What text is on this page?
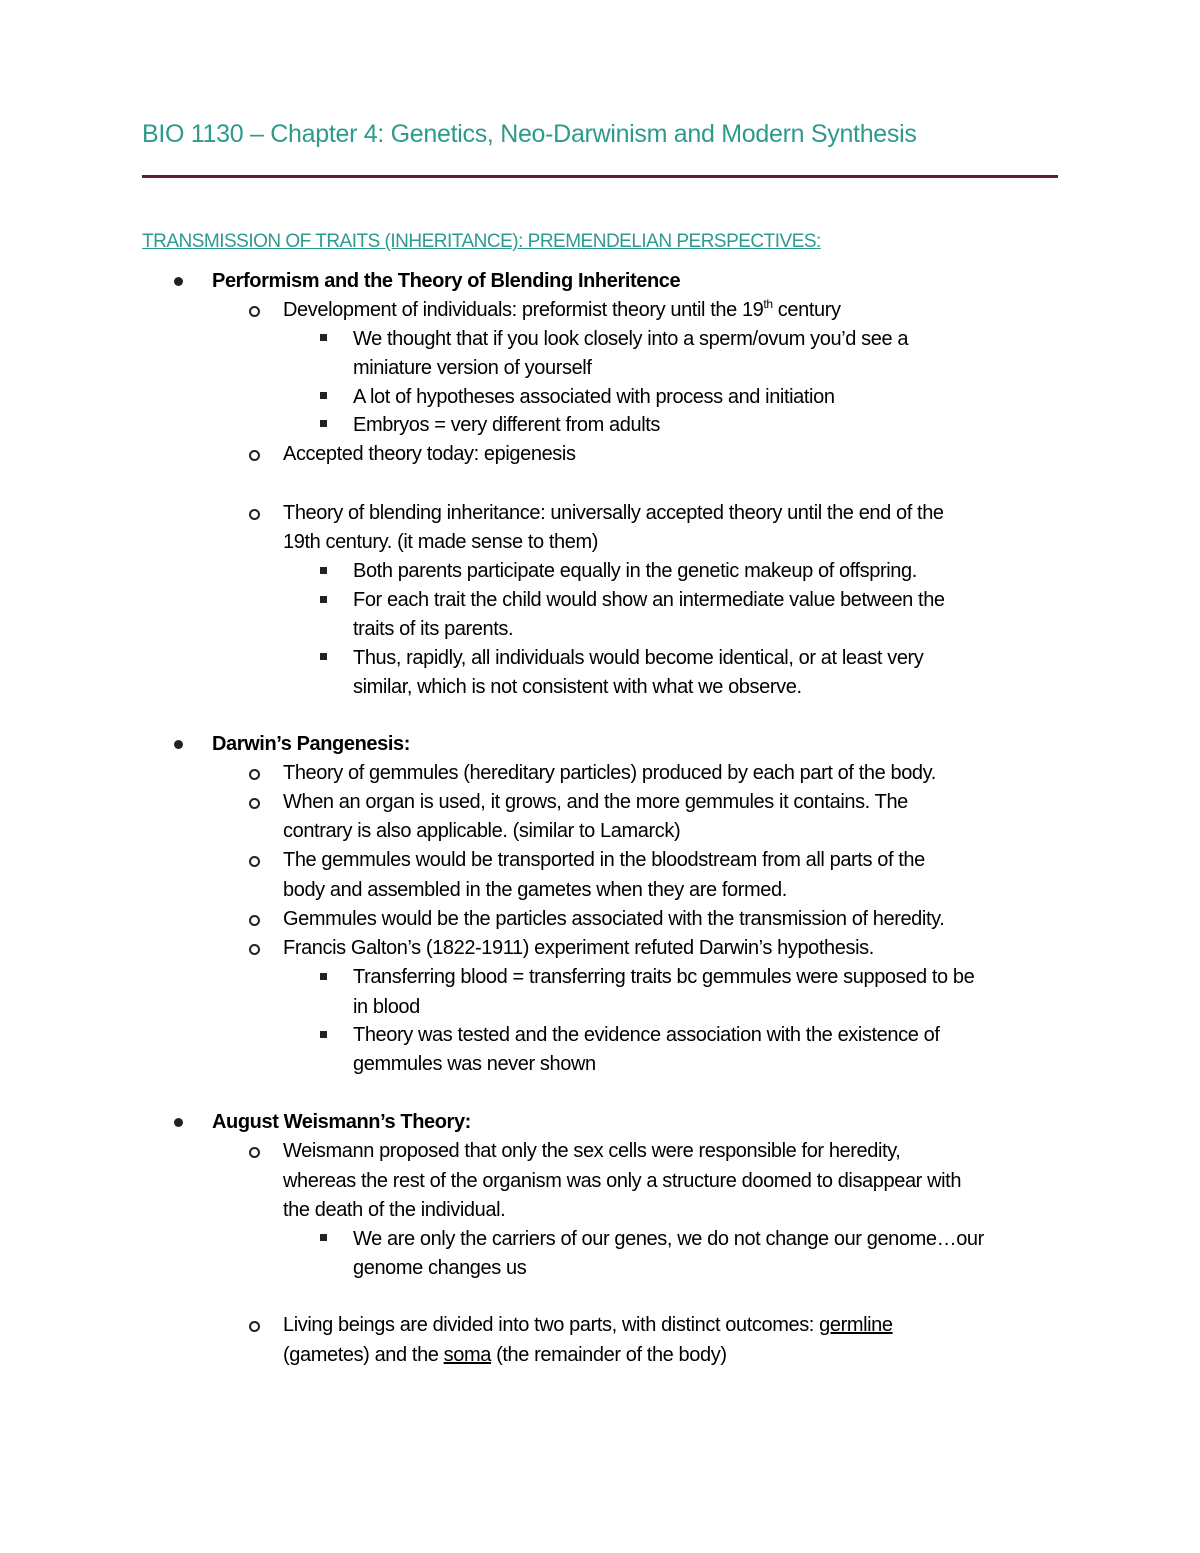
BIO 1130 – Chapter 4: Genetics, Neo-Darwinism and Modern Synthesis
TRANSMISSION OF TRAITS (INHERITANCE): PREMENDELIAN PERSPECTIVES:
Performism and the Theory of Blending Inheritence
Development of individuals: preformist theory until the 19th century
We thought that if you look closely into a sperm/ovum you’d see a
miniature version of yourself
A lot of hypotheses associated with process and initiation
Embryos = very different from adults
Accepted theory today: epigenesis
Theory of blending inheritance: universally accepted theory until the end of the
19th century. (it made sense to them)
Both parents participate equally in the genetic makeup of offspring.
For each trait the child would show an intermediate value between the
traits of its parents.
Thus, rapidly, all individuals would become identical, or at least very
similar, which is not consistent with what we observe.
Darwin’s Pangenesis:
Theory of gemmules (hereditary particles) produced by each part of the body.
When an organ is used, it grows, and the more gemmules it contains. The
contrary is also applicable. (similar to Lamarck)
The gemmules would be transported in the bloodstream from all parts of the
body and assembled in the gametes when they are formed.
Gemmules would be the particles associated with the transmission of heredity.
Francis Galton’s (1822-1911) experiment refuted Darwin’s hypothesis.
Transferring blood = transferring traits bc gemmules were supposed to be
in blood
Theory was tested and the evidence association with the existence of
gemmules was never shown
August Weismann’s Theory:
Weismann proposed that only the sex cells were responsible for heredity,
whereas the rest of the organism was only a structure doomed to disappear with
the death of the individual.
We are only the carriers of our genes, we do not change our genome…our
genome changes us
Living beings are divided into two parts, with distinct outcomes: germline
(gametes) and the soma (the remainder of the body)
